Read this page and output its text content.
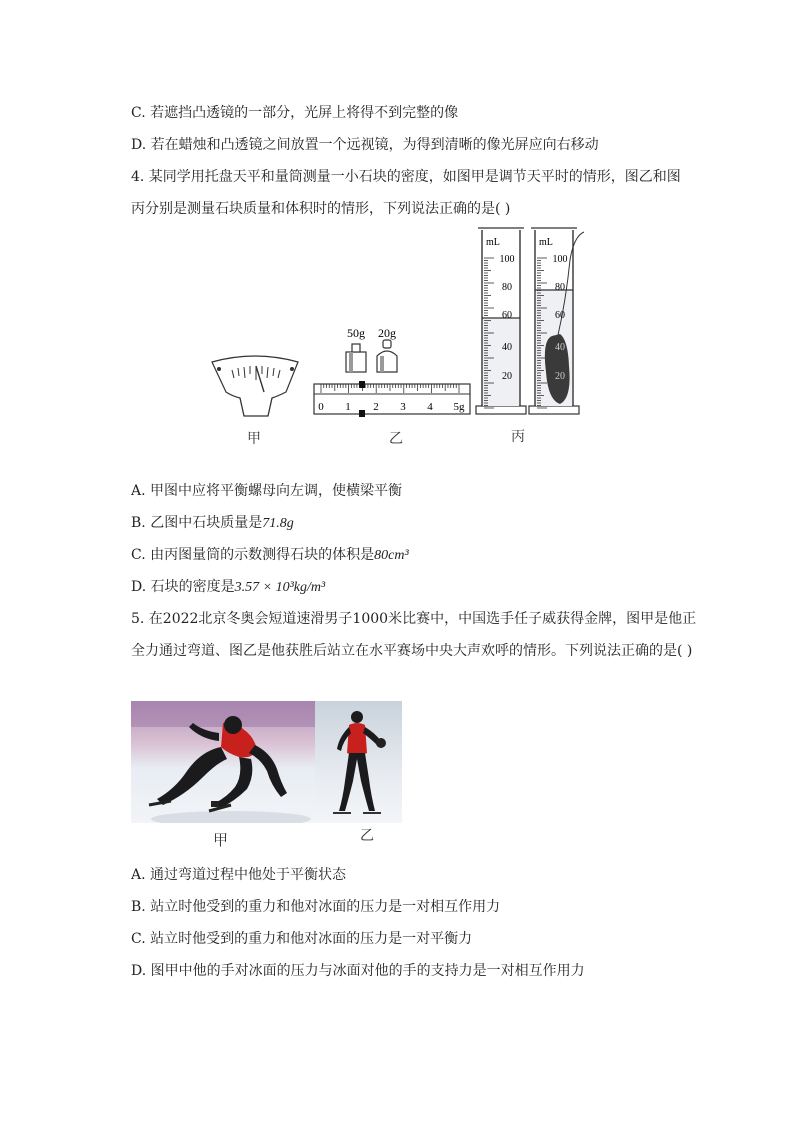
C. 若遮挡凸透镜的一部分，光屏上将得不到完整的像
D. 若在蜡烛和凸透镜之间放置一个远视镜，为得到清晰的像光屏应向右移动
4. 某同学用托盘天平和量筒测量一小石块的密度，如图甲是调节天平时的情形，图乙和图
丙分别是测量石块质量和体积时的情形，下列说法正确的是( )
50g 20g
0 1 2 3 4 5g
mL
100
80
60
40
20
mL
100
80
60
40
20
甲	乙	丙
A. 甲图中应将平衡螺母向左调，使横梁平衡
B. 乙图中石块质量是71.8g
C. 由丙图量筒的示数测得石块的体积是80cm³
D. 石块的密度是3.57 × 10³kg/m³
5. 在2022北京冬奥会短道速滑男子1000米比赛中，中国选手任子威获得金牌，图甲是他正
全力通过弯道、图乙是他获胜后站立在水平赛场中央大声欢呼的情形。下列说法正确的是( )
甲	乙
A. 通过弯道过程中他处于平衡状态
B. 站立时他受到的重力和他对冰面的压力是一对相互作用力
C. 站立时他受到的重力和他对冰面的压力是一对平衡力
D. 图甲中他的手对冰面的压力与冰面对他的手的支持力是一对相互作用力
